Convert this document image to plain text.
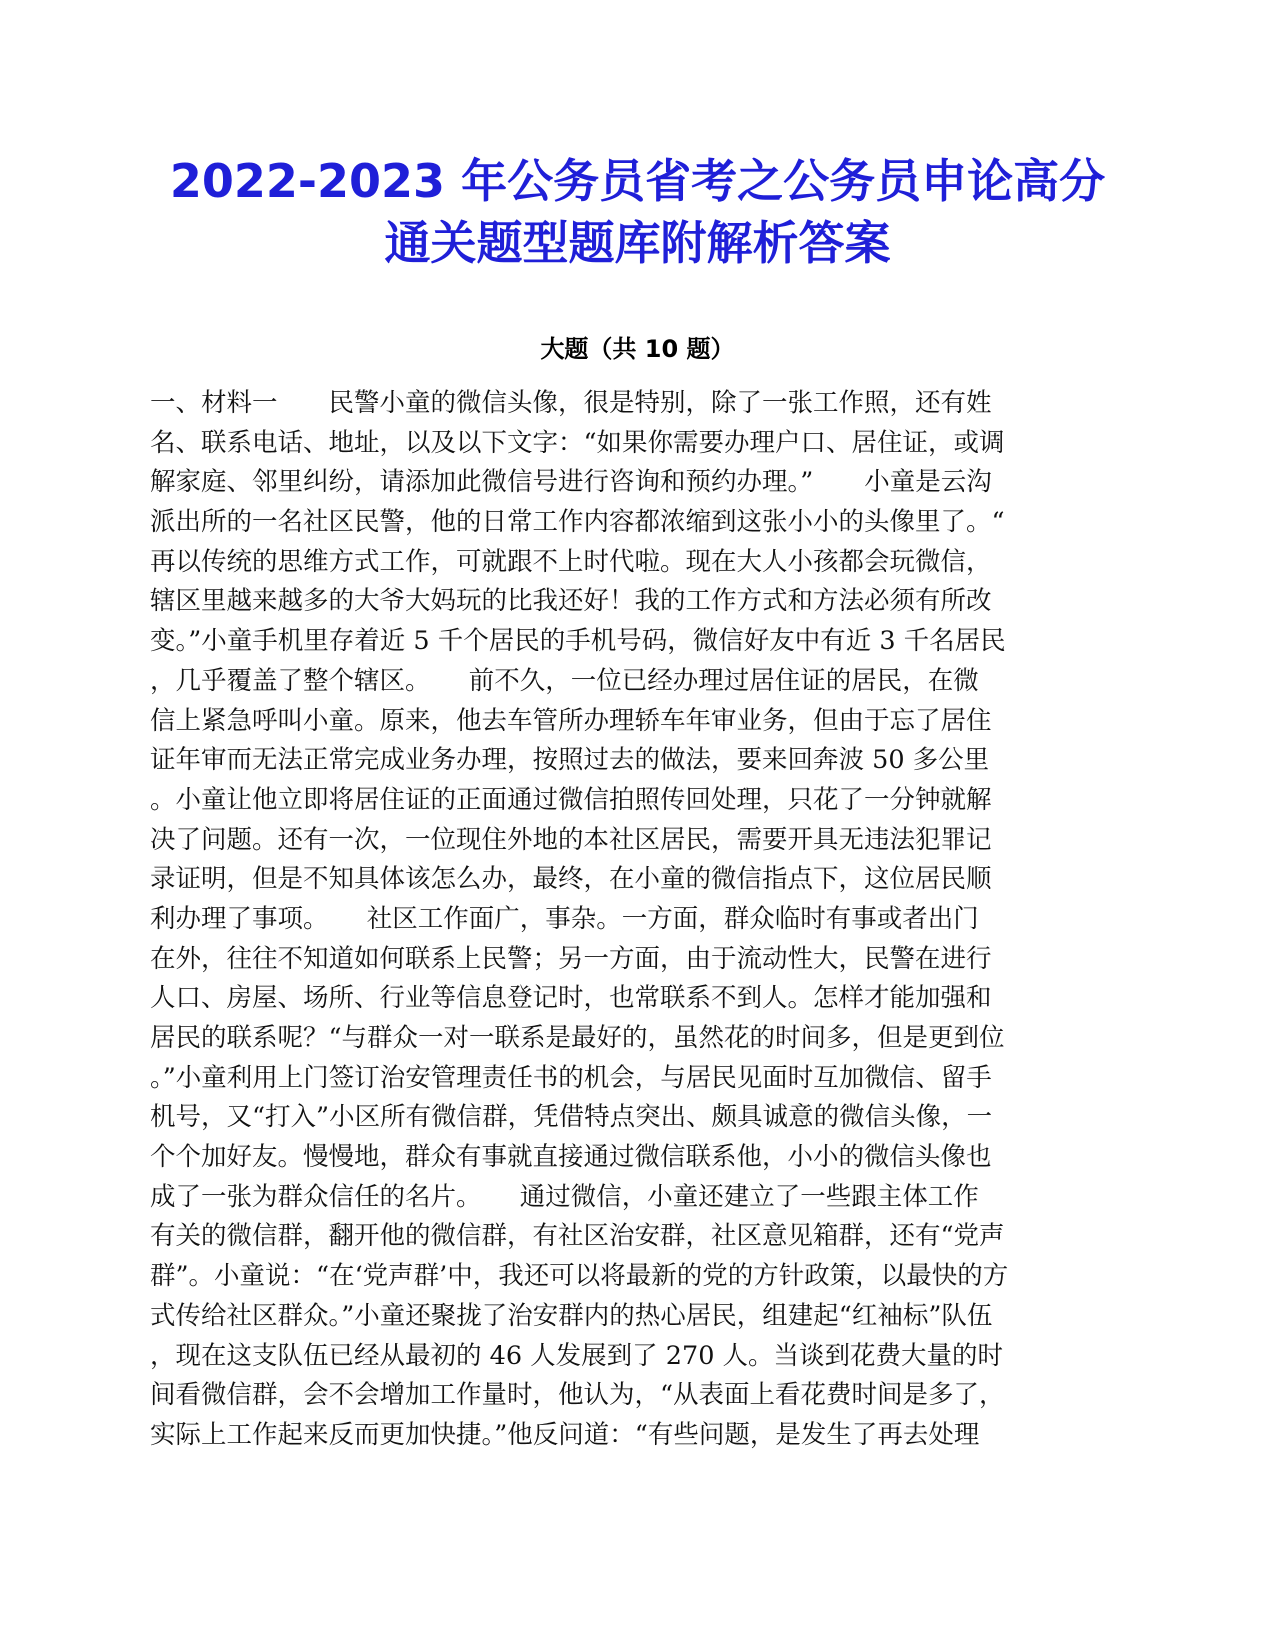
2022-2023 年公务员省考之公务员申论高分
通关题型题库附解析答案
大题（共 10 题）
一、材料一　　民警小童的微信头像，很是特别，除了一张工作照，还有姓
名、联系电话、地址，以及以下文字：“如果你需要办理户口、居住证，或调
解家庭、邻里纠纷，请添加此微信号进行咨询和预约办理。”　　小童是云沟
派出所的一名社区民警，他的日常工作内容都浓缩到这张小小的头像里了。“
再以传统的思维方式工作，可就跟不上时代啦。现在大人小孩都会玩微信，
辖区里越来越多的大爷大妈玩的比我还好！我的工作方式和方法必须有所改
变。”小童手机里存着近 5 千个居民的手机号码，微信好友中有近 3 千名居民
，几乎覆盖了整个辖区。　　前不久，一位已经办理过居住证的居民，在微
信上紧急呼叫小童。原来，他去车管所办理轿车年审业务，但由于忘了居住
证年审而无法正常完成业务办理，按照过去的做法，要来回奔波 50 多公里
。小童让他立即将居住证的正面通过微信拍照传回处理，只花了一分钟就解
决了问题。还有一次，一位现住外地的本社区居民，需要开具无违法犯罪记
录证明，但是不知具体该怎么办，最终，在小童的微信指点下，这位居民顺
利办理了事项。　　社区工作面广，事杂。一方面，群众临时有事或者出门
在外，往往不知道如何联系上民警；另一方面，由于流动性大，民警在进行
人口、房屋、场所、行业等信息登记时，也常联系不到人。怎样才能加强和
居民的联系呢？“与群众一对一联系是最好的，虽然花的时间多，但是更到位
。”小童利用上门签订治安管理责任书的机会，与居民见面时互加微信、留手
机号，又“打入”小区所有微信群，凭借特点突出、颇具诚意的微信头像，一
个个加好友。慢慢地，群众有事就直接通过微信联系他，小小的微信头像也
成了一张为群众信任的名片。　　通过微信，小童还建立了一些跟主体工作
有关的微信群，翻开他的微信群，有社区治安群，社区意见箱群，还有“党声
群”。小童说：“在‘党声群’中，我还可以将最新的党的方针政策，以最快的方
式传给社区群众。”小童还聚拢了治安群内的热心居民，组建起“红袖标”队伍
，现在这支队伍已经从最初的 46 人发展到了 270 人。当谈到花费大量的时
间看微信群，会不会增加工作量时，他认为，“从表面上看花费时间是多了，
实际上工作起来反而更加快捷。”他反问道：“有些问题，是发生了再去处理
